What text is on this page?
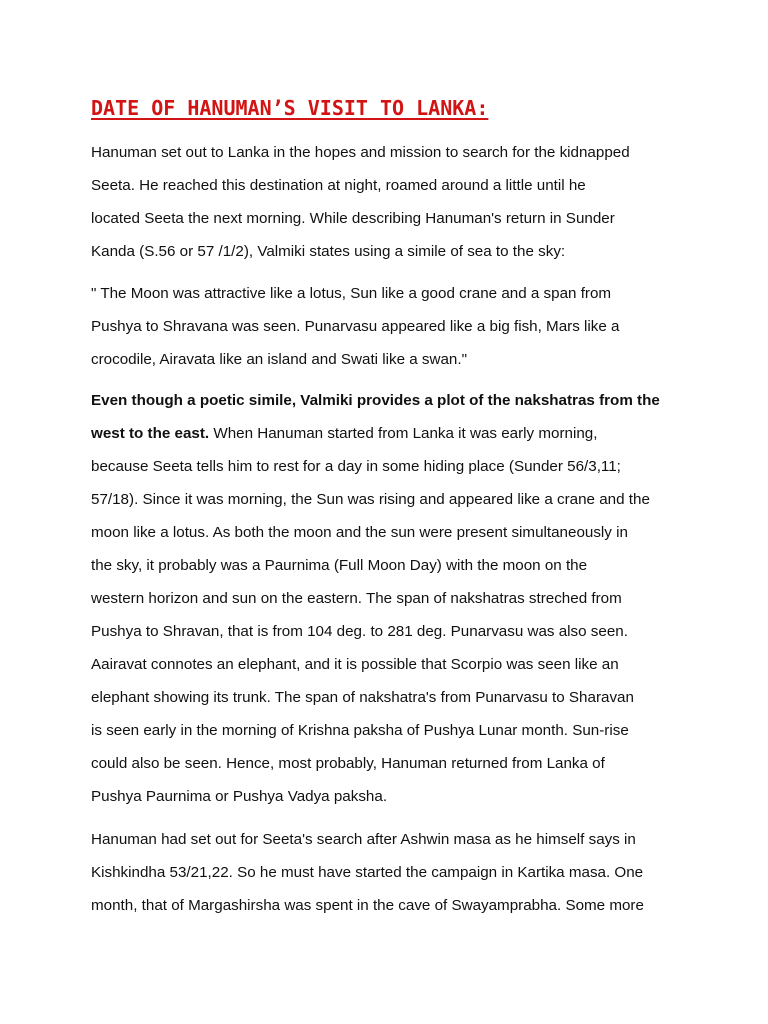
DATE OF HANUMAN’S VISIT TO LANKA:

Hanuman set out to Lanka in the hopes and mission to search for the kidnapped
Seeta. He reached this destination at night, roamed around a little until he
located Seeta the next morning. While describing Hanuman's return in Sunder
Kanda (S.56 or 57 /1/2), Valmiki states using a simile of sea to the sky:

" The Moon was attractive like a lotus, Sun like a good crane and a span from
Pushya to Shravana was seen. Punarvasu appeared like a big fish, Mars like a
crocodile, Airavata like an island and Swati like a swan."

Even though a poetic simile, Valmiki provides a plot of the nakshatras from the
west to the east. When Hanuman started from Lanka it was early morning,
because Seeta tells him to rest for a day in some hiding place (Sunder 56/3,11;
57/18). Since it was morning, the Sun was rising and appeared like a crane and the
moon like a lotus. As both the moon and the sun were present simultaneously in
the sky, it probably was a Paurnima (Full Moon Day) with the moon on the
western horizon and sun on the eastern. The span of nakshatras streched from
Pushya to Shravan, that is from 104 deg. to 281 deg. Punarvasu was also seen.
Aairavat connotes an elephant, and it is possible that Scorpio was seen like an
elephant showing its trunk. The span of nakshatra's from Punarvasu to Sharavan
is seen early in the morning of Krishna paksha of Pushya Lunar month. Sun-rise
could also be seen. Hence, most probably, Hanuman returned from Lanka of
Pushya Paurnima or Pushya Vadya paksha.

Hanuman had set out for Seeta's search after Ashwin masa as he himself says in
Kishkindha 53/21,22. So he must have started the campaign in Kartika masa. One
month, that of Margashirsha was spent in the cave of Swayamprabha. Some more
